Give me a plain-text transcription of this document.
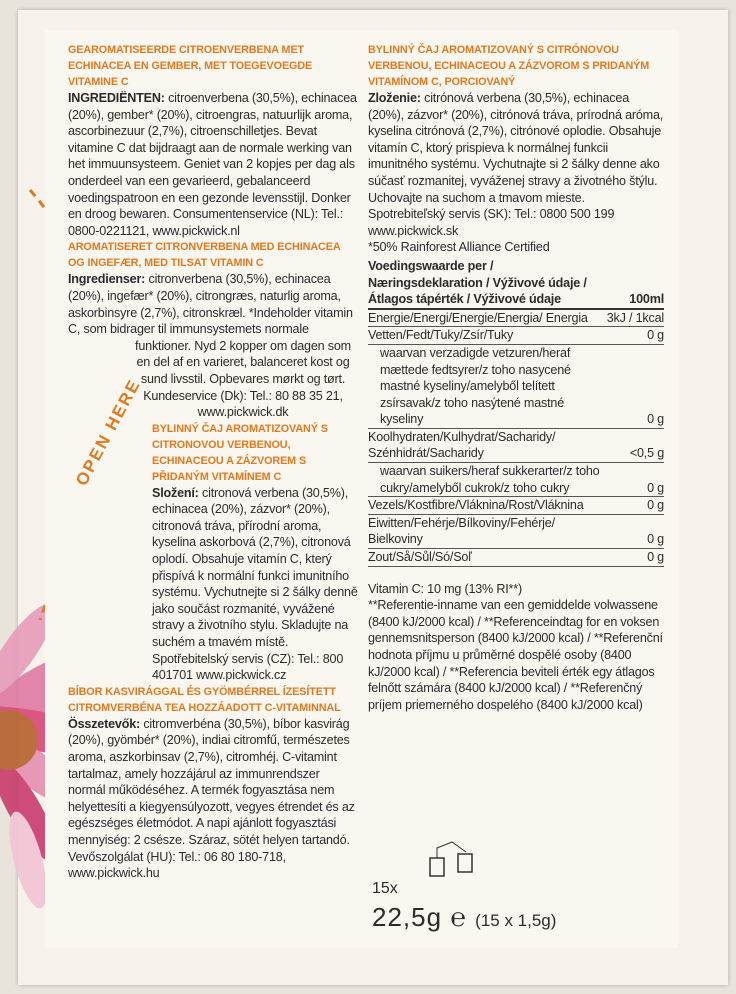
OPEN HERE

GEAROMATISEERDE CITROENVERBENA MET ECHINACEA EN GEMBER, MET TOEGEVOEGDE VITAMINE C

INGREDIËNTEN: citroenverbena (30,5%), echinacea (20%), gember* (20%), citroengras, natuurlijk aroma, ascorbinezuur (2,7%), citroenschilletjes. Bevat vitamine C dat bijdraagt aan de normale werking van het immuunsysteem. Geniet van 2 kopjes per dag als onderdeel van een gevarieerd, gebalanceerd voedingspatroon en een gezonde levensstijl. Donker en droog bewaren. Consumentenservice (NL): Tel.: 0800-0221121, www.pickwick.nl

AROMATISERET CITRONVERBENA MED ECHINACEA OG INGEFÆR, MED TILSAT VITAMIN C

Ingredienser: citronverbena (30,5%), echinacea (20%), ingefær* (20%), citrongræs, naturlig aroma, askorbinsyre (2,7%), citronskræl. *Indeholder vitamin C, som bidrager til immunsystemets normale

funktioner. Nyd 2 kopper om dagen som en del af en varieret, balanceret kost og sund livsstil. Opbevares mørkt og tørt. Kundeservice (Dk): Tel.: 80 88 35 21, www.pickwick.dk

BYLINNÝ ČAJ AROMATIZOVANÝ S CITRONOVOU VERBENOU, ECHINACEOU A ZÁZVOREM S PŘIDANÝM VITAMÍNEM C

Složení: citronová verbena (30,5%), echinacea (20%), zázvor* (20%), citronová tráva, přírodní aroma, kyselina askorbová (2,7%), citronová oplodí. Obsahuje vitamín C, který přispívá k normální funkci imunitního systému. Vychutnejte si 2 šálky denně jako součást rozmanité, vyvážené stravy a životního stylu. Skladujte na suchém a tmavém místě. Spotřebitelský servis (CZ): Tel.: 800 401701 www.pickwick.cz

BÍBOR KASVIRÁGGAL ÉS GYÖMBÉRREL ÍZESÍTETT CITROMVERBÉNA TEA HOZZÁADOTT C-VITAMINNAL

Összetevők: citromverbéna (30,5%), bíbor kasvirág (20%), gyömbér* (20%), indiai citromfű, természetes aroma, aszkorbinsav (2,7%), citromhéj. C-vitamint tartalmaz, amely hozzájárul az immunrendszer normál működéséhez. A termék fogyasztása nem helyettesíti a kiegyensúlyozott, vegyes étrendet és az egészséges életmódot. A napi ajánlott fogyasztási mennyiség: 2 csésze. Száraz, sötét helyen tartandó. Vevőszolgálat (HU): Tel.: 06 80 180-718, www.pickwick.hu

BYLINNÝ ČAJ AROMATIZOVANÝ S CITRÓNOVOU VERBENOU, ECHINACEOU A ZÁZVOROM S PRIDANÝM VITAMÍNOM C, PORCIOVANÝ

Zloženie: citrónová verbena (30,5%), echinacea (20%), zázvor* (20%), citrónová tráva, prírodná aróma, kyselina citrónová (2,7%), citrónové oplodie. Obsahuje vitamín C, ktorý prispieva k normálnej funkcii imunitného systému. Vychutnajte si 2 šálky denne ako súčasť rozmanitej, vyváženej stravy a životného štýlu. Uchovajte na suchom a tmavom mieste. Spotrebiteľský servis (SK): Tel.: 0800 500 199 www.pickwick.sk

*50% Rainforest Alliance Certified

Voedingswaarde per / Næringsdeklaration / Výživové údaje / Átlagos tápérték / Výživové údaje	100ml
Energie/Energi/Energie/Energia/ Energia	3kJ / 1kcal
Vetten/Fedt/Tuky/Zsír/Tuky	0 g
waarvan verzadigde vetzuren/heraf mættede fedtsyrer/z toho nasycené mastné kyseliny/amelyből telített zsírsavak/z toho nasýtené mastné kyseliny	0 g
Koolhydraten/Kulhydrat/Sacharidy/ Szénhidrát/Sacharidy	<0,5 g
waarvan suikers/heraf sukkerarter/z toho cukry/amelyből cukrok/z toho cukry	0 g
Vezels/Kostfibre/Vláknina/Rost/Vláknina	0 g
Eiwitten/Fehérje/Bílkoviny/Fehérje/ Bielkoviny	0 g
Zout/Så/Sůl/Só/Soľ	0 g

Vitamin C: 10 mg (13% RI**)

**Referentie-inname van een gemiddelde volwassene (8400 kJ/2000 kcal) / **Referenceindtag for en voksen gennemsnitsperson (8400 kJ/2000 kcal) / **Referenční hodnota příjmu u průměrné dospělé osoby (8400 kJ/2000 kcal) / **Referencia beviteli érték egy átlagos felnőtt számára (8400 kJ/2000 kcal) / **Referenčný príjem priemerného dospelého (8400 kJ/2000 kcal)

15x
22,5g ℮ (15 x 1,5g)
